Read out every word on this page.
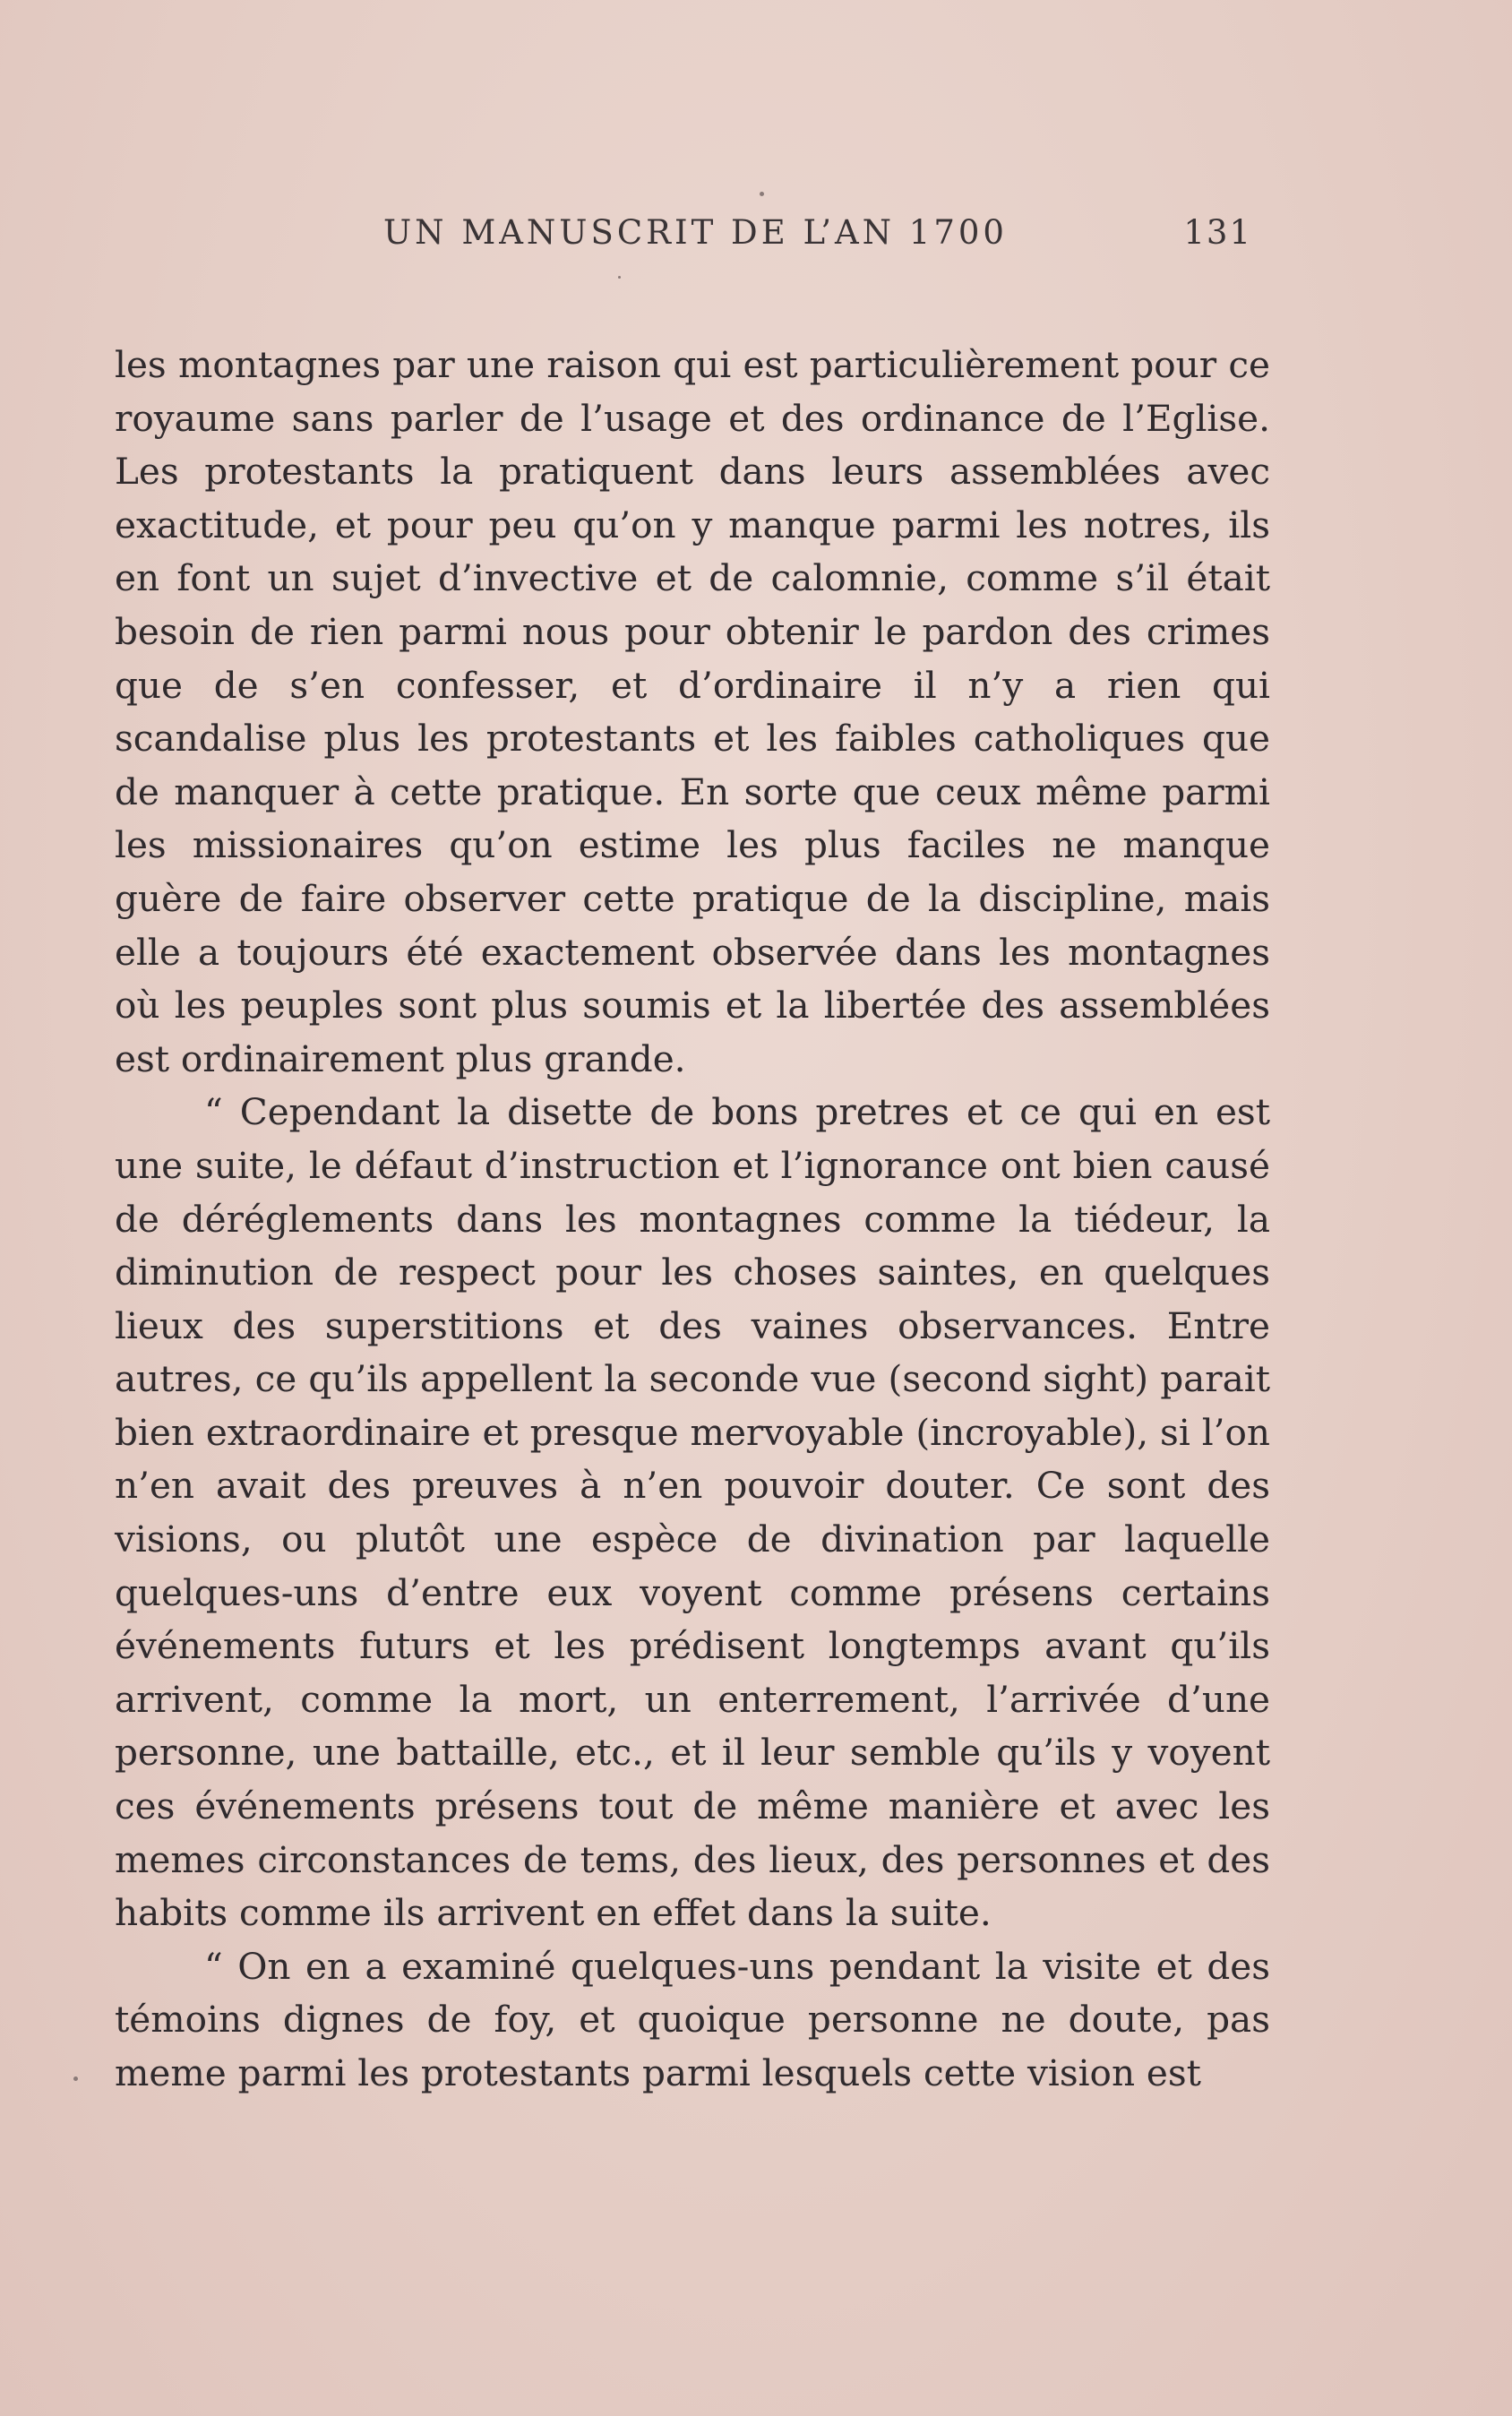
UN MANUSCRIT DE L’AN 1700	131

les montagnes par une raison qui est particulièrement pour ce royaume sans parler de l’usage et des ordinance de l’Eglise. Les protestants la pratiquent dans leurs assemblées avec exactitude, et pour peu qu’on y manque parmi les notres, ils en font un sujet d’invective et de calomnie, comme s’il était besoin de rien parmi nous pour obtenir le pardon des crimes que de s’en confesser, et d’ordinaire il n’y a rien qui scandalise plus les protestants et les faibles catholiques que de manquer à cette pratique. En sorte que ceux même parmi les missionaires qu’on estime les plus faciles ne manque guère de faire observer cette pratique de la discipline, mais elle a toujours été exactement observée dans les montagnes où les peuples sont plus soumis et la libertée des assemblées est ordinairement plus grande.

“ Cependant la disette de bons pretres et ce qui en est une suite, le défaut d’instruction et l’ignorance ont bien causé de déréglements dans les montagnes comme la tiédeur, la diminution de respect pour les choses saintes, en quelques lieux des superstitions et des vaines observances. Entre autres, ce qu’ils appellent la seconde vue (second sight) parait bien extraordinaire et presque mervoyable (incroyable), si l’on n’en avait des preuves à n’en pouvoir douter. Ce sont des visions, ou plutôt une espèce de divination par laquelle quelques-uns d’entre eux voyent comme présens certains événements futurs et les prédisent longtemps avant qu’ils arrivent, comme la mort, un enterrement, l’arrivée d’une personne, une battaille, etc., et il leur semble qu’ils y voyent ces événements présens tout de même manière et avec les memes circonstances de tems, des lieux, des personnes et des habits comme ils arrivent en effet dans la suite.

“ On en a examiné quelques-uns pendant la visite et des témoins dignes de foy, et quoique personne ne doute, pas meme parmi les protestants parmi lesquels cette vision est
